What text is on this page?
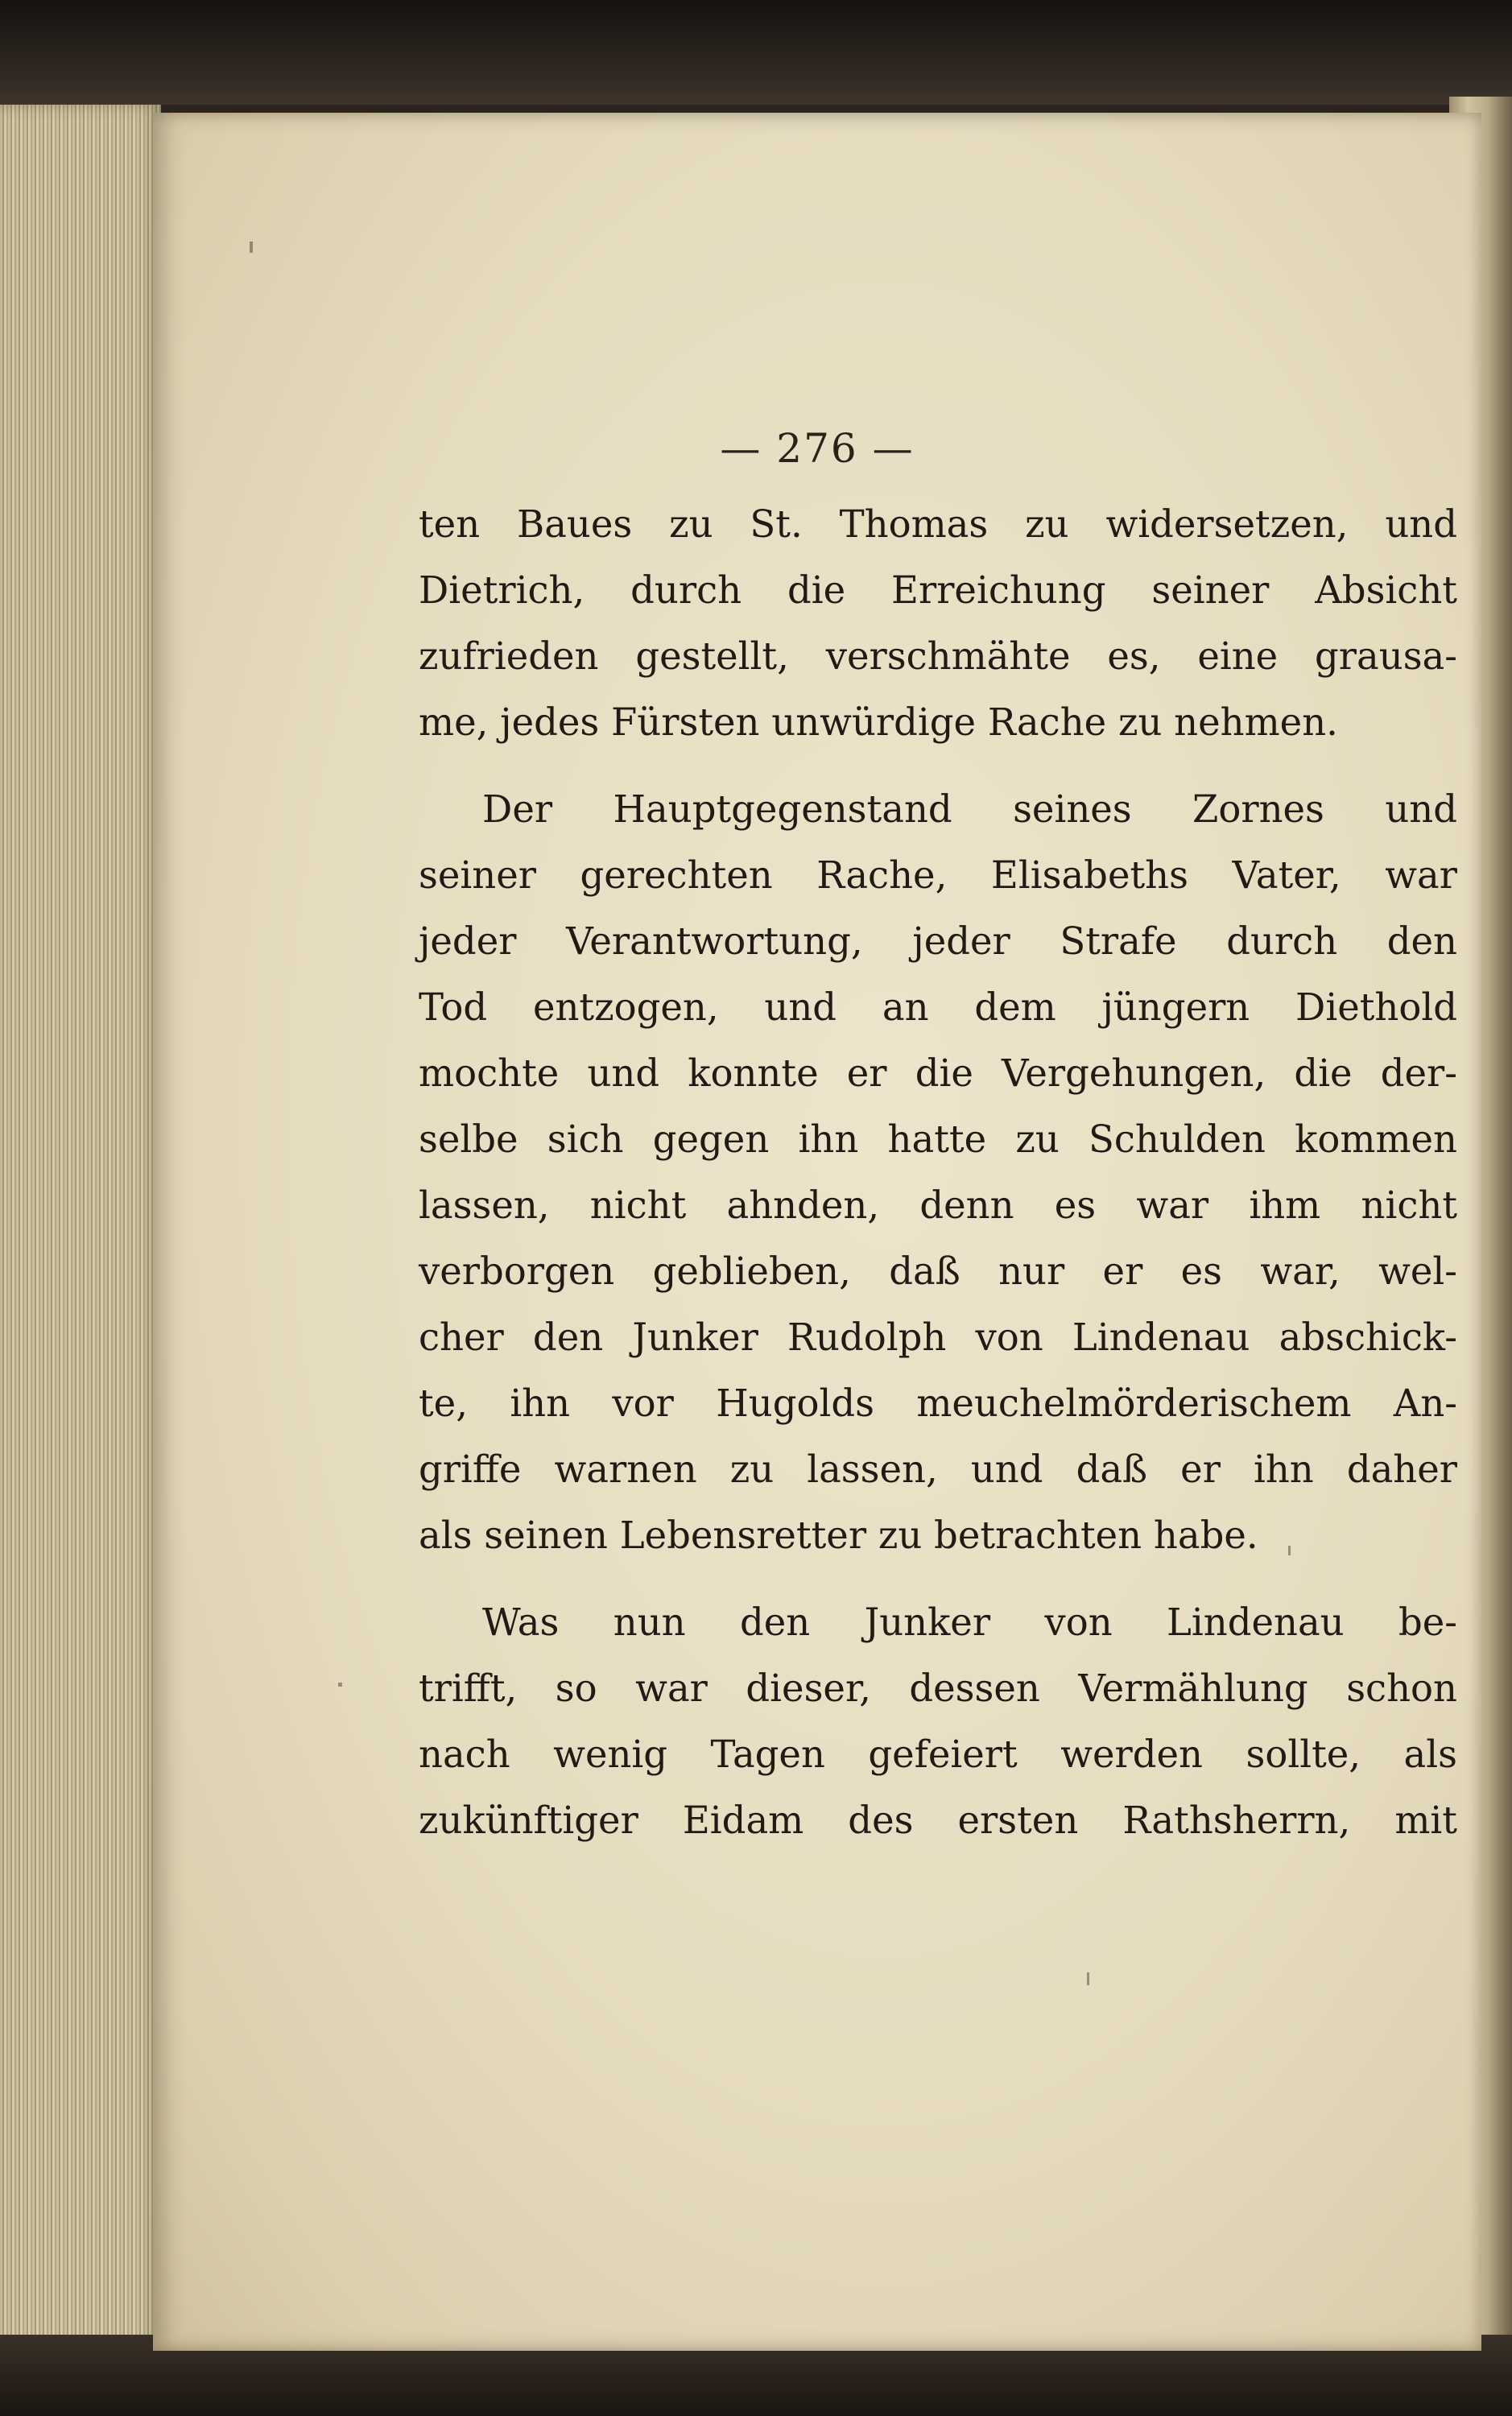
— 276 —

ten Baues zu St. Thomas zu widersetzen, und

Dietrich, durch die Erreichung seiner Absicht

zufrieden gestellt, verschmähte es, eine grausa-

me, jedes Fürsten unwürdige Rache zu nehmen.

Der Hauptgegenstand seines Zornes und

seiner gerechten Rache, Elisabeths Vater, war

jeder Verantwortung, jeder Strafe durch den

Tod entzogen, und an dem jüngern Diethold

mochte und konnte er die Vergehungen, die der-

selbe sich gegen ihn hatte zu Schulden kommen

lassen, nicht ahnden, denn es war ihm nicht

verborgen geblieben, daß nur er es war, wel-

cher den Junker Rudolph von Lindenau abschick-

te, ihn vor Hugolds meuchelmörderischem An-

griffe warnen zu lassen, und daß er ihn daher

als seinen Lebensretter zu betrachten habe.

Was nun den Junker von Lindenau be-

trifft, so war dieser, dessen Vermählung schon

nach wenig Tagen gefeiert werden sollte, als

zukünftiger Eidam des ersten Rathsherrn, mit
